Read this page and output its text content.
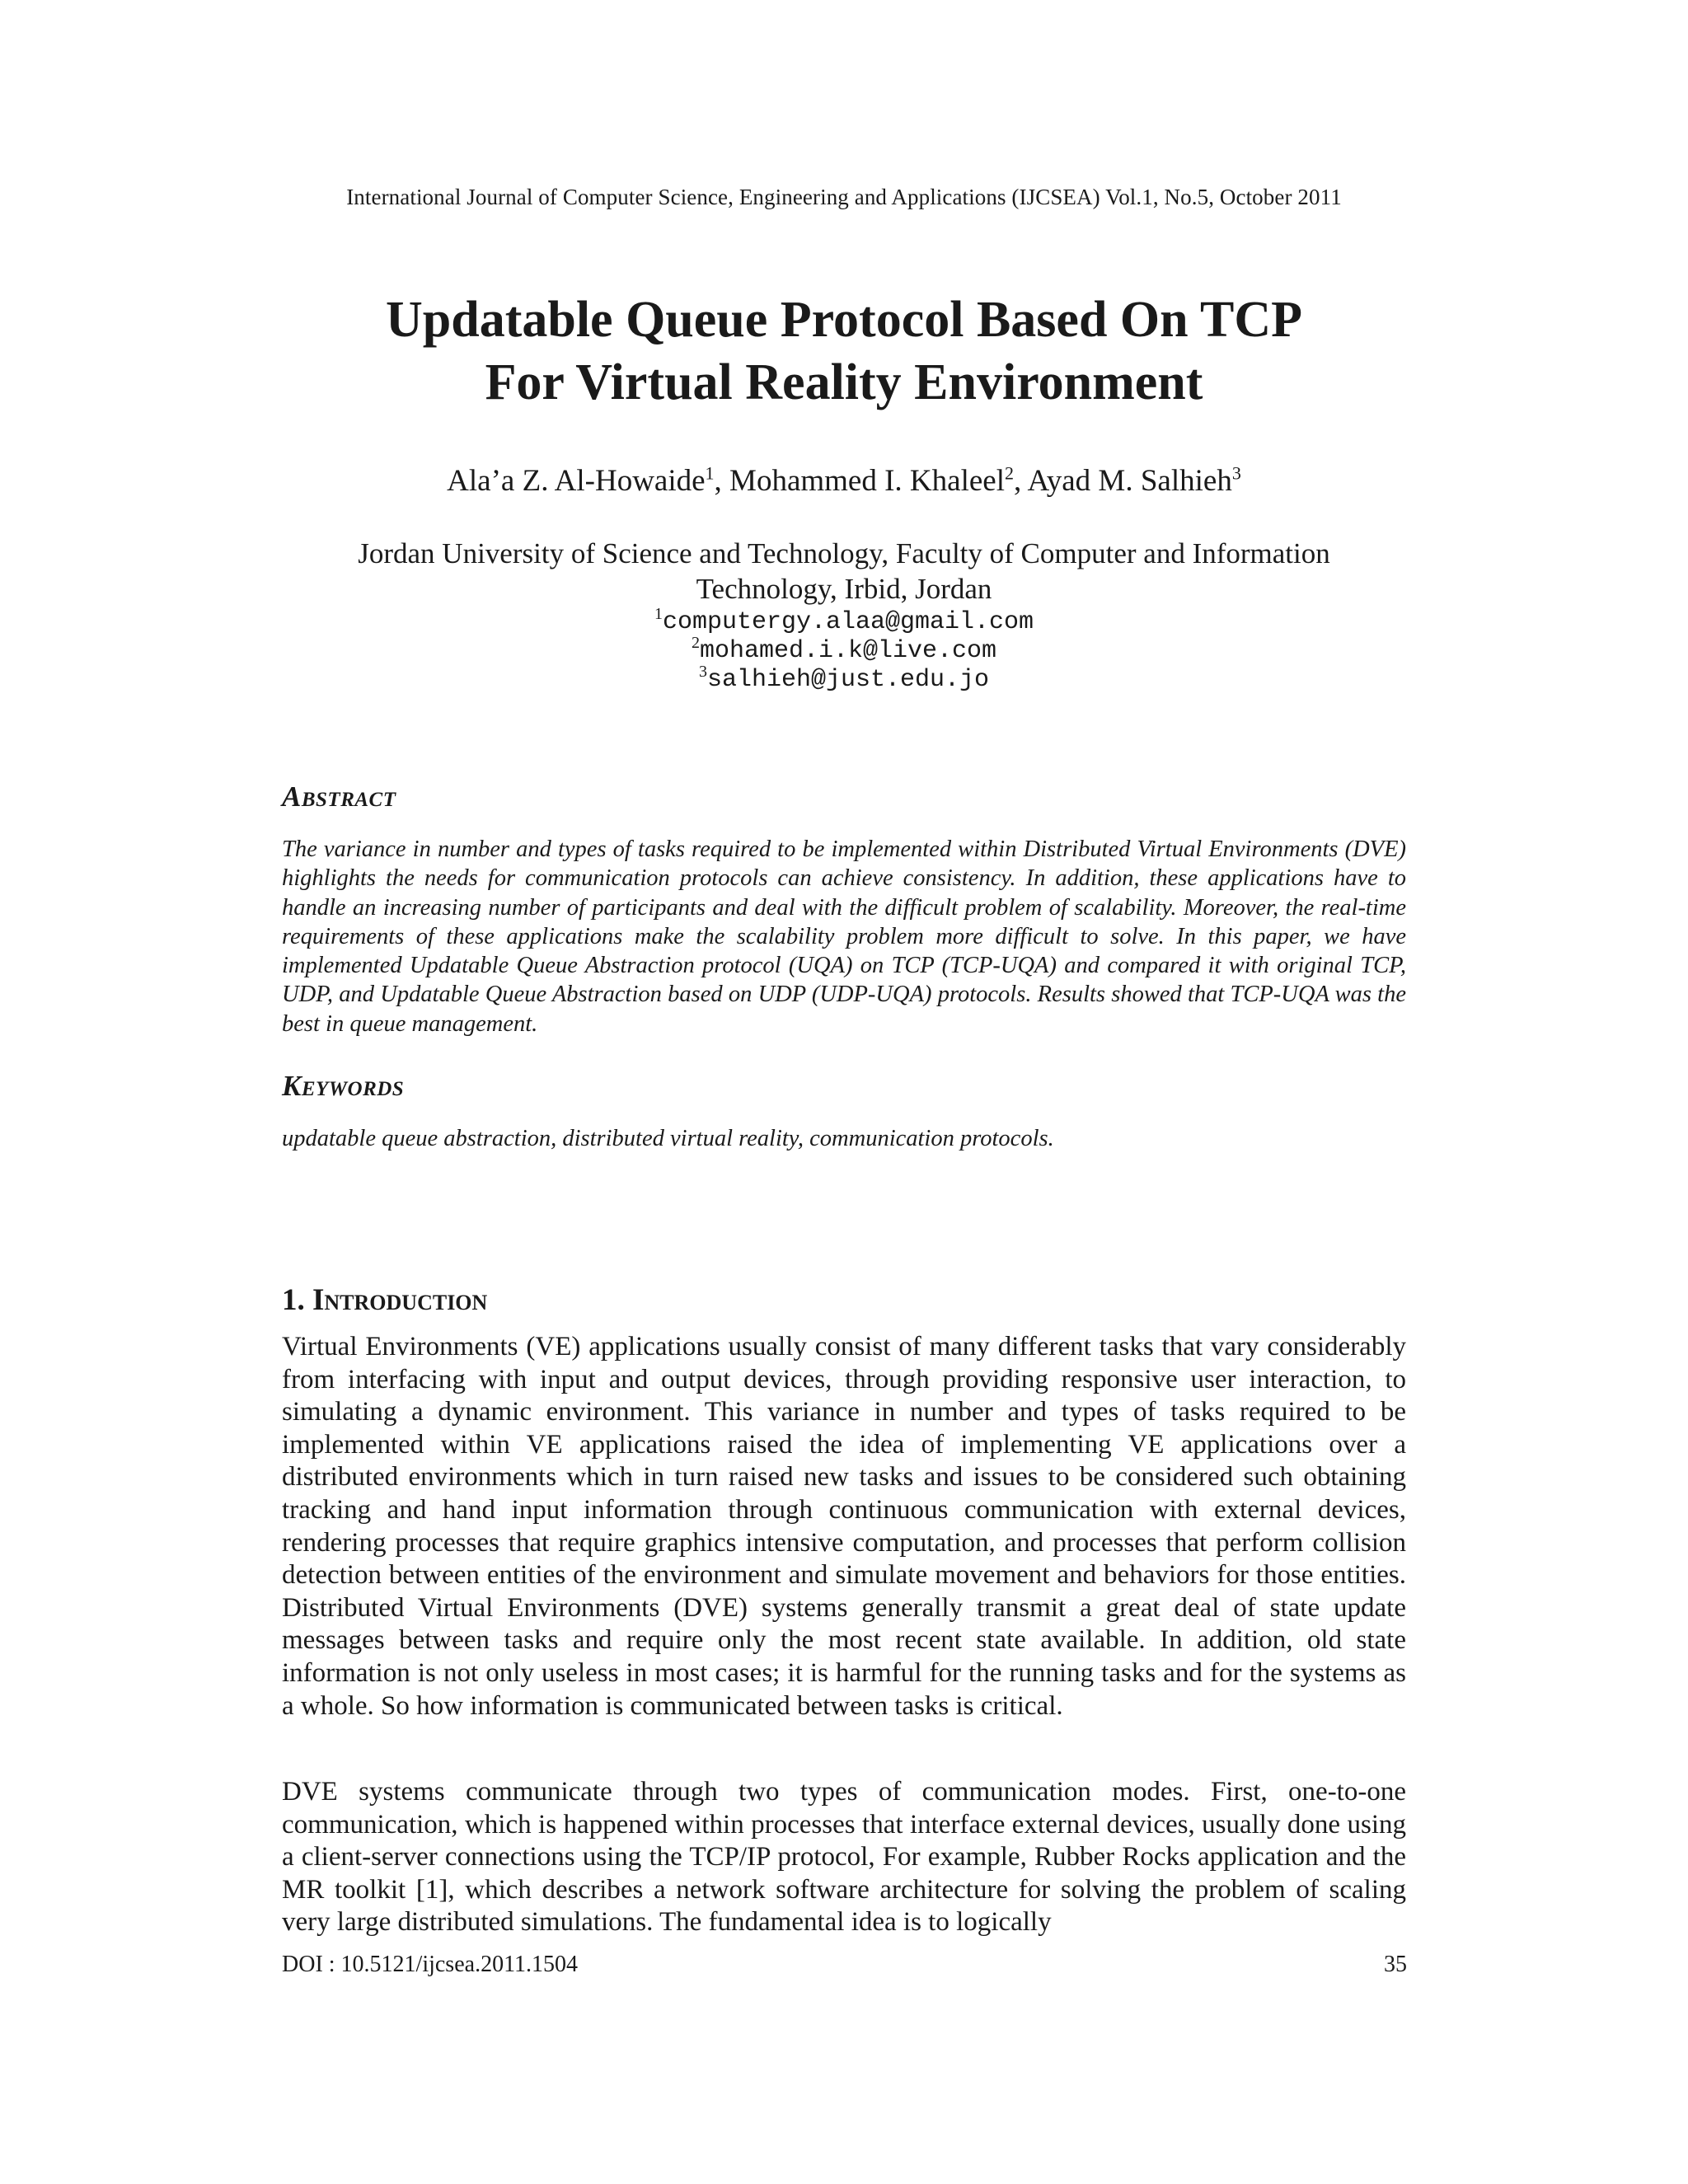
International Journal of Computer Science, Engineering and Applications (IJCSEA) Vol.1, No.5, October 2011
Updatable Queue Protocol Based On TCP
For Virtual Reality Environment
Ala’a Z. Al-Howaide$^1$, Mohammed I. Khaleel$^2$, Ayad M. Salhieh$^3$
Jordan University of Science and Technology, Faculty of Computer and Information
Technology, Irbid, Jordan
$^1$computergy.alaa@gmail.com
$^2$mohamed.i.k@live.com
$^3$salhieh@just.edu.jo
Abstract

The variance in number and types of tasks required to be implemented within Distributed Virtual Environments (DVE) highlights the needs for communication protocols can achieve consistency. In addition, these applications have to handle an increasing number of participants and deal with the difficult problem of scalability. Moreover, the real-time requirements of these applications make the scalability problem more difficult to solve. In this paper, we have implemented Updatable Queue Abstraction protocol (UQA) on TCP (TCP-UQA) and compared it with original TCP, UDP, and Updatable Queue Abstraction based on UDP (UDP-UQA) protocols. Results showed that TCP-UQA was the best in queue management.

Keywords

updatable queue abstraction, distributed virtual reality, communication protocols.

1. Introduction

Virtual Environments (VE) applications usually consist of many different tasks that vary considerably from interfacing with input and output devices, through providing responsive user interaction, to simulating a dynamic environment. This variance in number and types of tasks required to be implemented within VE applications raised the idea of implementing VE applications over a distributed environments which in turn raised new tasks and issues to be considered such obtaining tracking and hand input information through continuous communication with external devices, rendering processes that require graphics intensive computation, and processes that perform collision detection between entities of the environment and simulate movement and behaviors for those entities. Distributed Virtual Environments (DVE) systems generally transmit a great deal of state update messages between tasks and require only the most recent state available. In addition, old state information is not only useless in most cases; it is harmful for the running tasks and for the systems as a whole. So how information is communicated between tasks is critical.

DVE systems communicate through two types of communication modes. First, one-to-one communication, which is happened within processes that interface external devices, usually done using a client-server connections using the TCP/IP protocol, For example, Rubber Rocks application and the MR toolkit [1], which describes a network software architecture for solving the problem of scaling very large distributed simulations. The fundamental idea is to logically

DOI : 10.5121/ijcsea.2011.1504	35
